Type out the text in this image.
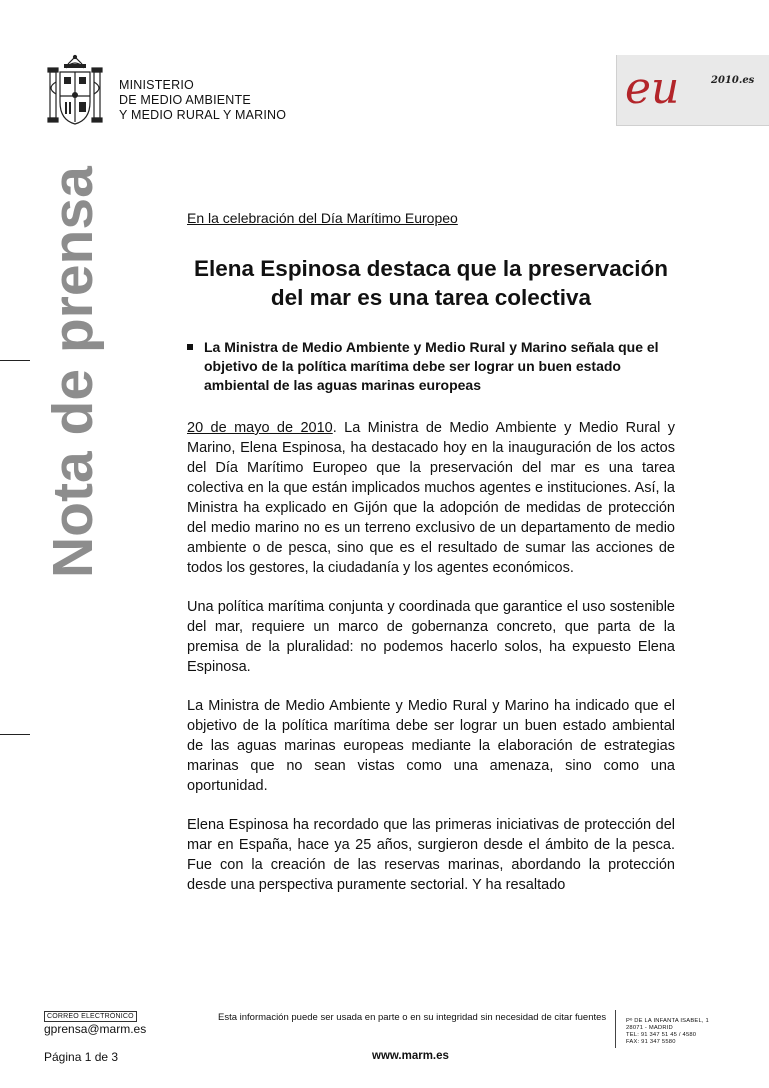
MINISTERIO
DE MEDIO AMBIENTE
Y MEDIO RURAL Y MARINO
eu	2010.es
Nota de prensa	En la celebración del Día Marítimo Europeo
Elena Espinosa destaca que la preservación del mar es una tarea colectiva
La Ministra de Medio Ambiente y Medio Rural y Marino señala que el objetivo de la política marítima debe ser lograr un buen estado ambiental de las aguas marinas europeas

20 de mayo de 2010. La Ministra de Medio Ambiente y Medio Rural y Marino, Elena Espinosa, ha destacado hoy en la inauguración de los actos del Día Marítimo Europeo que la preservación del mar es una tarea colectiva en la que están implicados muchos agentes e instituciones. Así, la Ministra ha explicado en Gijón que la adopción de medidas de protección del medio marino no es un terreno exclusivo de un departamento de medio ambiente o de pesca, sino que es el resultado de sumar las acciones de todos los gestores, la ciudadanía y los agentes económicos.

Una política marítima conjunta y coordinada que garantice el uso sostenible del mar, requiere un marco de gobernanza concreto, que parta de la premisa de la pluralidad: no podemos hacerlo solos, ha expuesto Elena Espinosa.

La Ministra de Medio Ambiente y Medio Rural y Marino ha indicado que el objetivo de la política marítima debe ser lograr un buen estado ambiental de las aguas marinas europeas mediante la elaboración de estrategias marinas que no sean vistas como una amenaza, sino como una oportunidad.

Elena Espinosa ha recordado que las primeras iniciativas de protección del mar en España, hace ya 25 años, surgieron desde el ámbito de la pesca. Fue con la creación de las reservas marinas, abordando la protección desde una perspectiva puramente sectorial. Y ha resaltado

CORREO ELECTRÓNICO
gprensa@marm.es
Esta información puede ser usada en parte o en su integridad sin necesidad de citar fuentes	Pº DE LA INFANTA ISABEL, 1
28071 - MADRID
TEL: 91 347 51 45 / 4580
FAX: 91 347 5580
Página 1 de 3	www.marm.es
